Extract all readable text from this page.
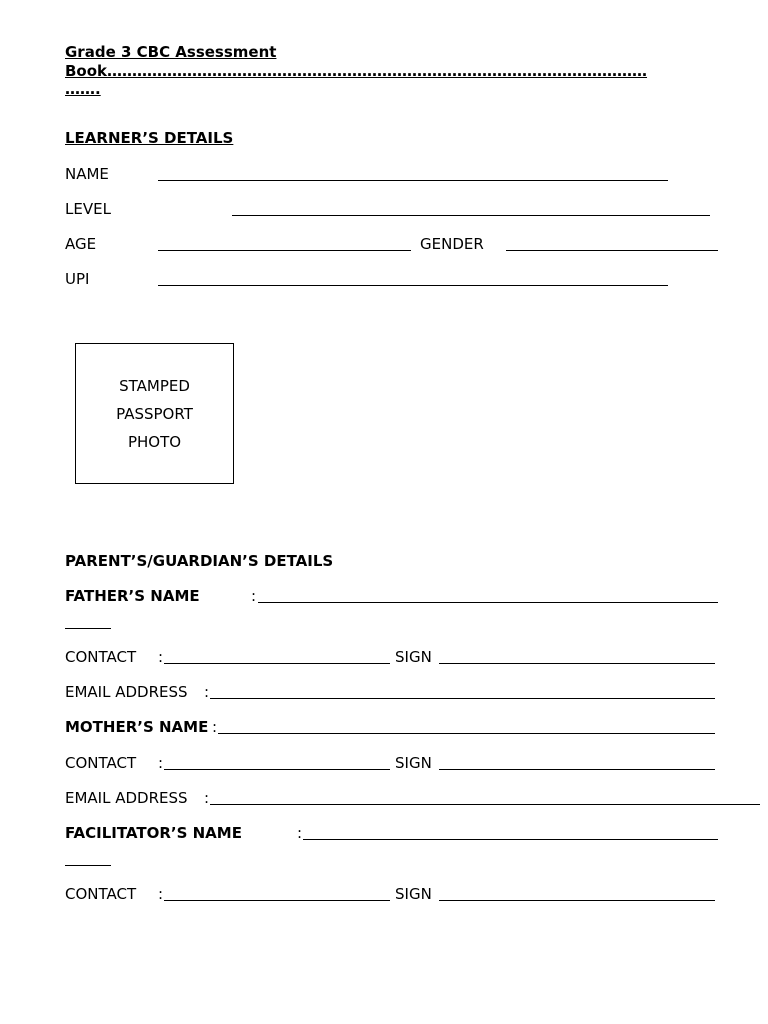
Grade 3 CBC Assessment
Book………………………………………………………………………………………………
…….
LEARNER’S DETAILS
NAME
LEVEL
AGE	GENDER
UPI
STAMPED
PASSPORT
PHOTO
PARENT’S/GUARDIAN’S DETAILS
FATHER’S NAME	:
CONTACT :	SIGN
EMAIL ADDRESS :
MOTHER’S NAME :
CONTACT :	SIGN
EMAIL ADDRESS :
FACILITATOR’S NAME	:
CONTACT :	SIGN
